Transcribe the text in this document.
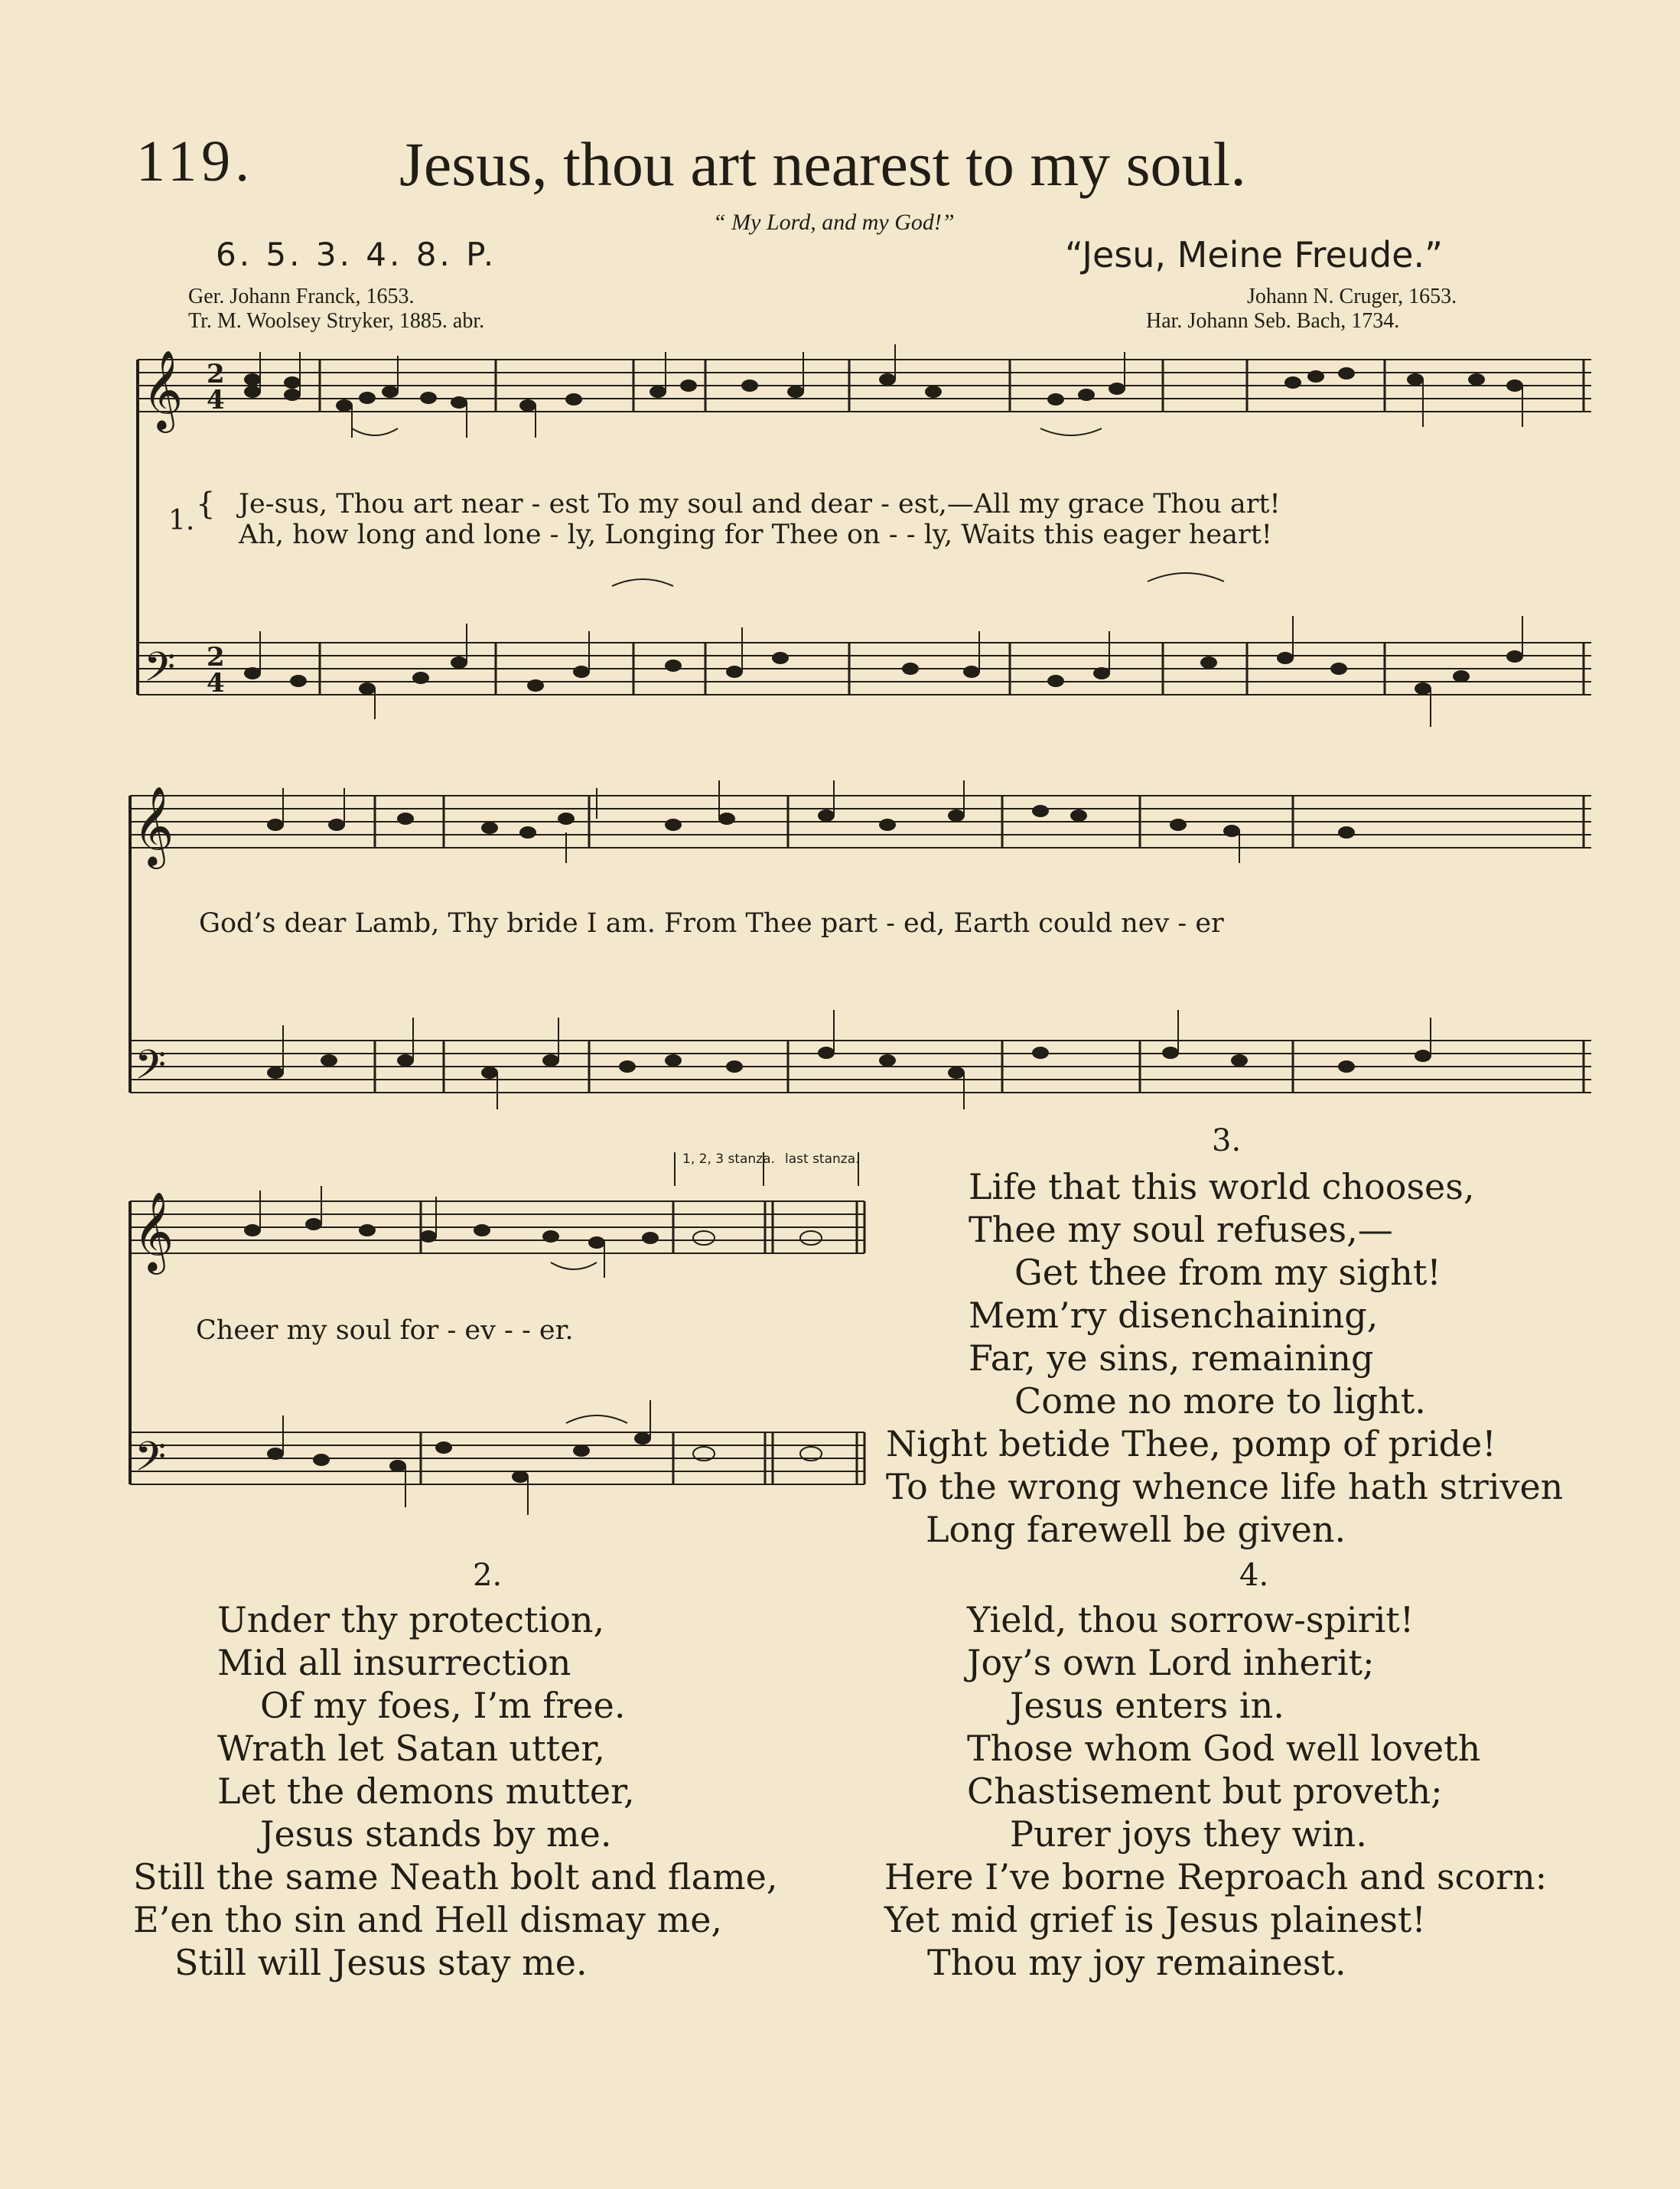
119. Jesus, thou art nearest to my soul.
“ My Lord, and my God!”
6. 5. 3. 4. 8. P.	“Jesu, Meine Freude.”
Ger. Johann Franck, 1653.
Tr. M. Woolsey Stryker, 1885. abr.
Johann N. Cruger, 1653.
Har. Johann Seb. Bach, 1734.
𝄞
𝄢
2
4
2
4
1. { Je-sus, Thou art near - est To my soul and dear - est,—All my grace Thou art!
Ah, how long and lone - ly, Longing for Thee on - - ly, Waits this eager heart!
𝄞
𝄢
God’s dear Lamb, Thy bride I am. From Thee part - ed, Earth could nev - er
𝄞
𝄢
1, 2, 3 stanza. last stanza.
Cheer my soul for - ev - - er.
3.
Life that this world chooses,
Thee my soul refuses,—
Get thee from my sight!
Mem’ry disenchaining,
Far, ye sins, remaining
Come no more to light.
Night betide Thee, pomp of pride!
To the wrong whence life hath striven
Long farewell be given.
2.
Under thy protection,
Mid all insurrection
Of my foes, I’m free.
Wrath let Satan utter,
Let the demons mutter,
Jesus stands by me.
Still the same Neath bolt and flame,
E’en tho sin and Hell dismay me,
Still will Jesus stay me.
4.
Yield, thou sorrow-spirit!
Joy’s own Lord inherit;
Jesus enters in.
Those whom God well loveth
Chastisement but proveth;
Purer joys they win.
Here I’ve borne Reproach and scorn:
Yet mid grief is Jesus plainest!
Thou my joy remainest.
